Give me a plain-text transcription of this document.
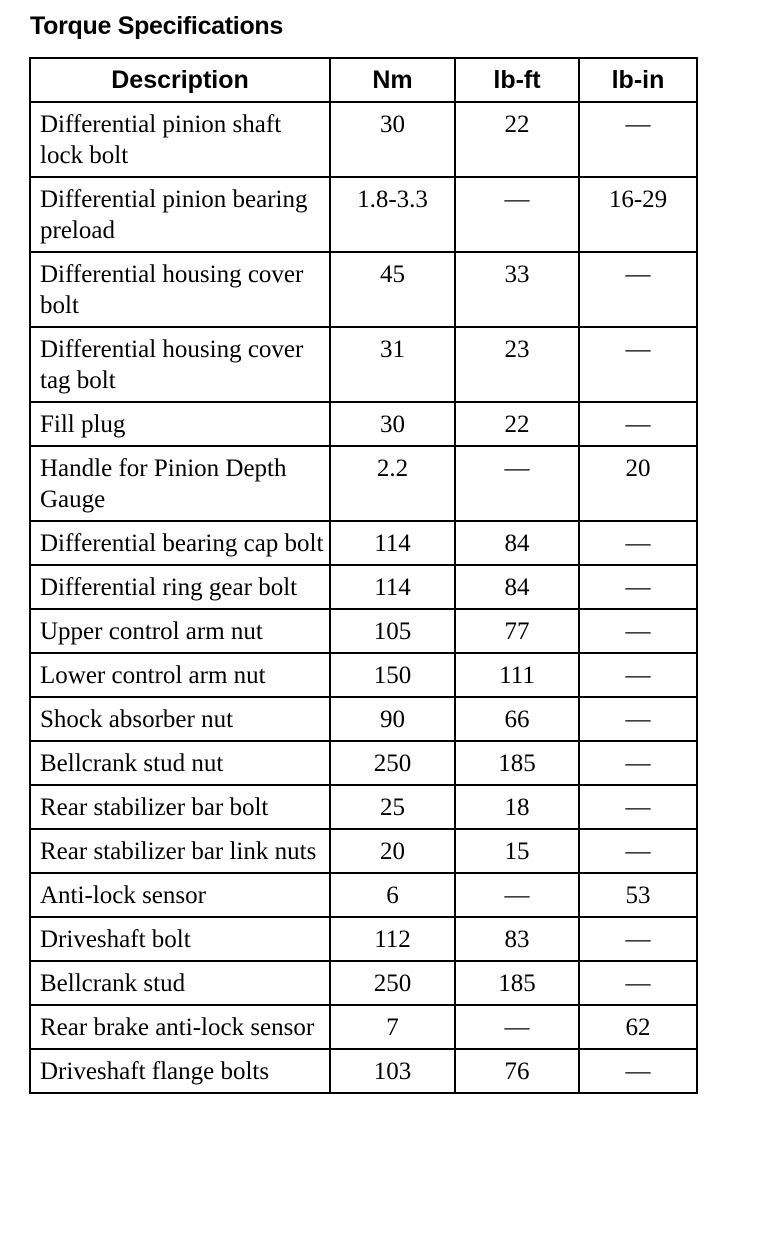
Torque Specifications
Description	Nm	lb-ft	lb-in
Differential pinion shaft lock bolt	30	22	—
Differential pinion bearing preload	1.8-3.3	—	16-29
Differential housing cover bolt	45	33	—
Differential housing cover tag bolt	31	23	—
Fill plug	30	22	—
Handle for Pinion Depth Gauge	2.2	—	20
Differential bearing cap bolt	114	84	—
Differential ring gear bolt	114	84	—
Upper control arm nut	105	77	—
Lower control arm nut	150	111	—
Shock absorber nut	90	66	—
Bellcrank stud nut	250	185	—
Rear stabilizer bar bolt	25	18	—
Rear stabilizer bar link nuts	20	15	—
Anti-lock sensor	6	—	53
Driveshaft bolt	112	83	—
Bellcrank stud	250	185	—
Rear brake anti-lock sensor	7	—	62
Driveshaft flange bolts	103	76	—
